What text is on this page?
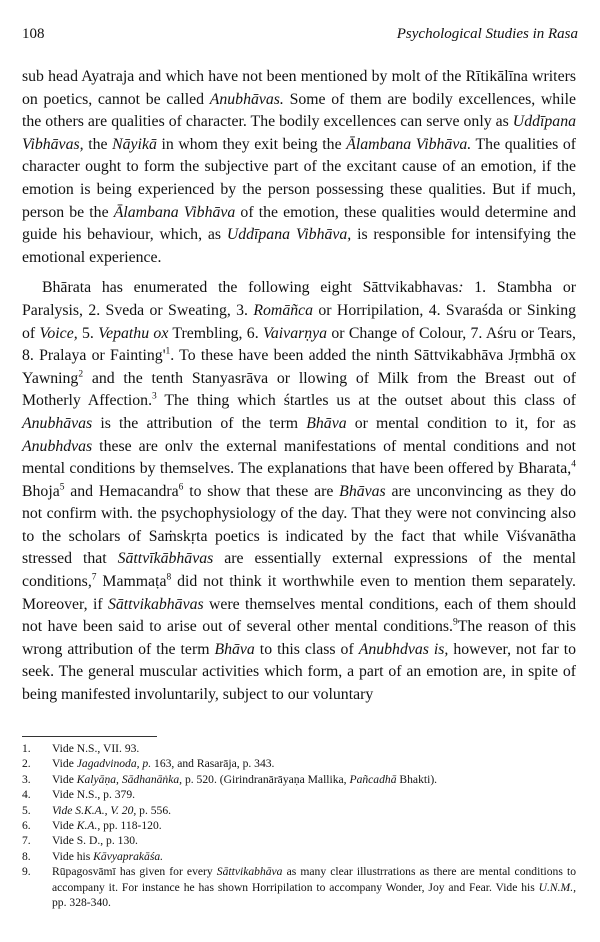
108	Psychological Studies in Rasa

sub head Ayatraja and which have not been mentioned by molt of the Rītikālīna writers on poetics, cannot be called Anubhāvas. Some of them are bodily excellences, while the others are qualities of character. The bodily excellences can serve only as Uddīpana Vibhāvas, the Nāyikā in whom they exit being the Ālambana Vibhāva. The qualities of character ought to form the subjective part of the excitant cause of an emotion, if the emotion is being experienced by the person possessing these qualities. But if much, person be the Ālambana Vibhāva of the emotion, these qualities would determine and guide his behaviour, which, as Uddīpana Vibhāva, is responsible for intensifying the emotional experience.

Bhārata has enumerated the following eight Sāttvikabhavas: 1. Stambha or Paralysis, 2. Sveda or Sweating, 3. Romāñca or Horripilation, 4. Svaraśda or Sinking of Voice, 5. Vepathu ox Trembling, 6. Vaivarṇya or Change of Colour, 7. Aśru or Tears, 8. Pralaya or $Fainting'^1$. To these have been added the ninth Sāttvikabhāva Jṛmbhā ox Yawning$^2$ and the tenth Stanyasrāva or llowing of Milk from the Breast out of Motherly Affection.$^3$ The thing which śtartles us at the outset about this class of Anubhāvas is the attribution of the term Bhāva or mental condition to it, for as Anubhdvas these are onlv the external manifestations of mental conditions and not mental conditions by themselves. The explanations that have been offered by Bharata,$^4$ Bhoja$^5$ and Hemacandra$^6$ to show that these are Bhāvas are unconvincing as they do not confirm with. the psychophysiology of the day. That they were not convincing also to the scholars of Saṁskṛta poetics is indicated by the fact that while Viśvanātha stressed that Sāttvīkābhāvas are essentially external expressions of the mental conditions,$^7$ Mammaṭa$^8$ did not think it worthwhile even to mention them separately. Moreover, if Sāttvikabhāvas were themselves mental conditions, each of them should not have been said to arise out of several other mental conditions.$^9$The reason of this wrong attribution of the term Bhāva to this class of Anubhdvas is, however, not far to seek. The general muscular activities which form, a part of an emotion are, in spite of being manifested involuntarily, subject to our voluntary

1. Vide N.S., VII. 93.
2. Vide Jagadvinoda, p. 163, and Rasarāja, p. 343.
3. Vide Kalyāṇa, Sādhanāṅka, p. 520. (Girindranārāyaṇa Mallika, Pañcadhā Bhakti).
4. Vide N.S., p. 379.
5. Vide S.K.A., V. 20, p. 556.
6. Vide K.A., pp. 118-120.
7. Vide S. D., p. 130.
8. Vide his Kāvyaprakāśa.
9. Rūpagosvāmī has given for every Sāttvikabhāva as many clear illustrrations as there are mental conditions to accompany it. For instance he has shown Horripilation to accompany Wonder, Joy and Fear. Vide his U.N.M., pp. 328-340.
